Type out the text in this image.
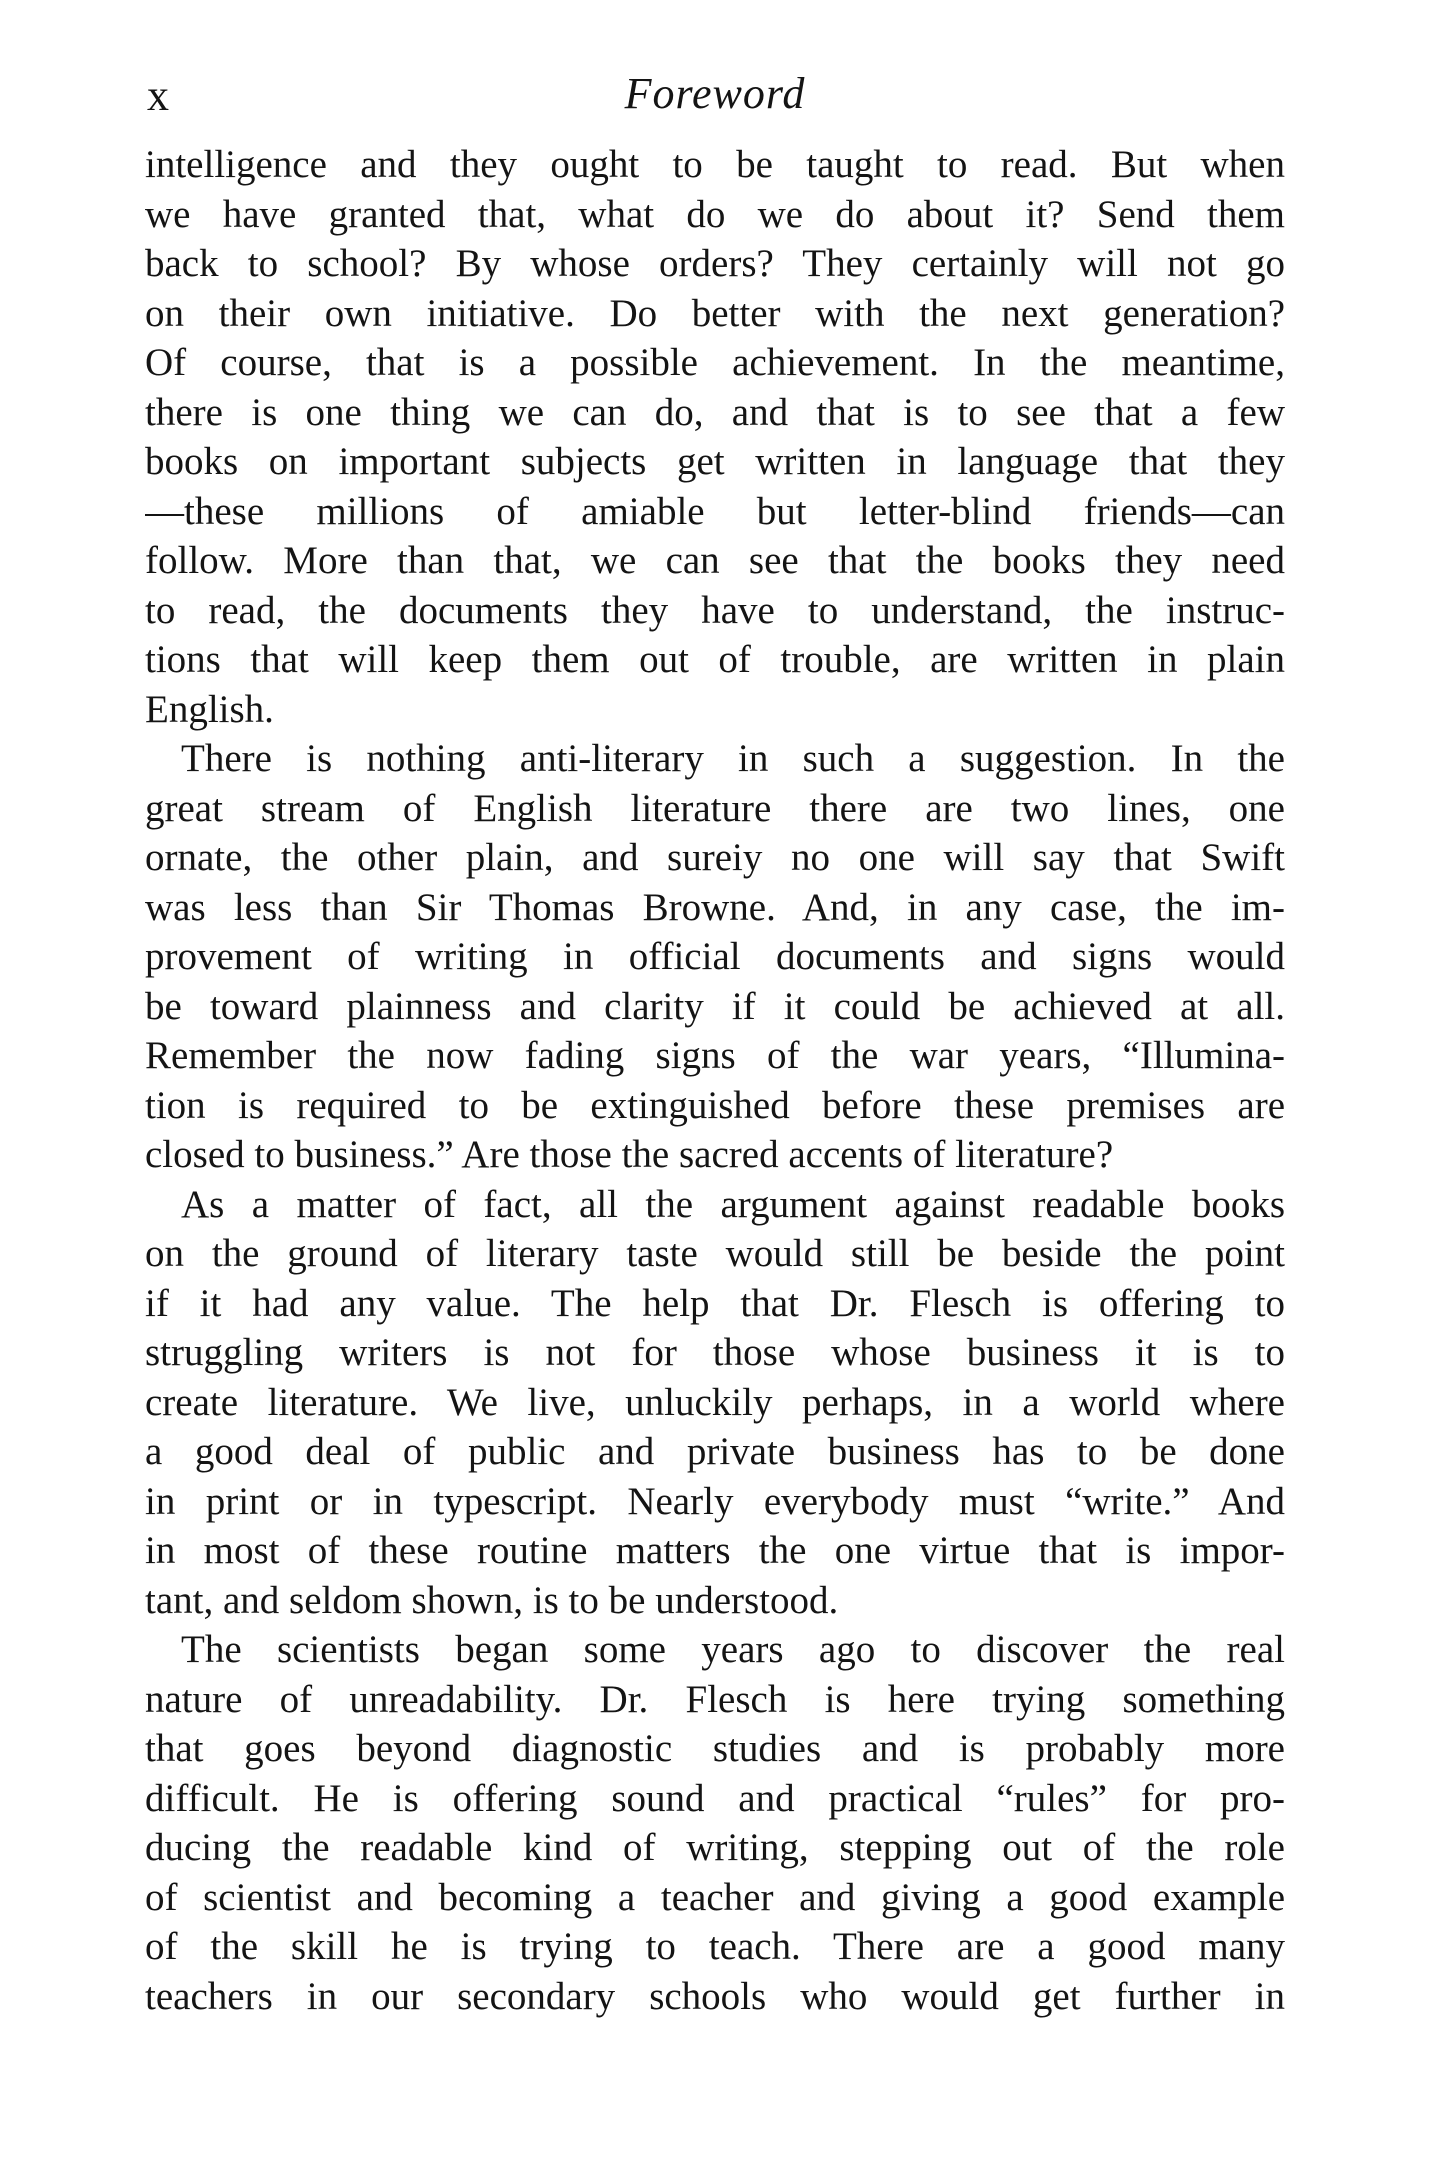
x	Foreword
intelligence and they ought to be taught to read. But when
we have granted that, what do we do about it? Send them
back to school? By whose orders? They certainly will not go
on their own initiative. Do better with the next generation?
Of course, that is a possible achievement. In the meantime,
there is one thing we can do, and that is to see that a few
books on important subjects get written in language that they
—these millions of amiable but letter-blind friends—can
follow. More than that, we can see that the books they need
to read, the documents they have to understand, the instruc-
tions that will keep them out of trouble, are written in plain
English.
There is nothing anti-literary in such a suggestion. In the
great stream of English literature there are two lines, one
ornate, the other plain, and sureiy no one will say that Swift
was less than Sir Thomas Browne. And, in any case, the im-
provement of writing in official documents and signs would
be toward plainness and clarity if it could be achieved at all.
Remember the now fading signs of the war years, “Illumina-
tion is required to be extinguished before these premises are
closed to business.” Are those the sacred accents of literature?
As a matter of fact, all the argument against readable books
on the ground of literary taste would still be beside the point
if it had any value. The help that Dr. Flesch is offering to
struggling writers is not for those whose business it is to
create literature. We live, unluckily perhaps, in a world where
a good deal of public and private business has to be done
in print or in typescript. Nearly everybody must “write.” And
in most of these routine matters the one virtue that is impor-
tant, and seldom shown, is to be understood.
The scientists began some years ago to discover the real
nature of unreadability. Dr. Flesch is here trying something
that goes beyond diagnostic studies and is probably more
difficult. He is offering sound and practical “rules” for pro-
ducing the readable kind of writing, stepping out of the role
of scientist and becoming a teacher and giving a good example
of the skill he is trying to teach. There are a good many
teachers in our secondary schools who would get further in
